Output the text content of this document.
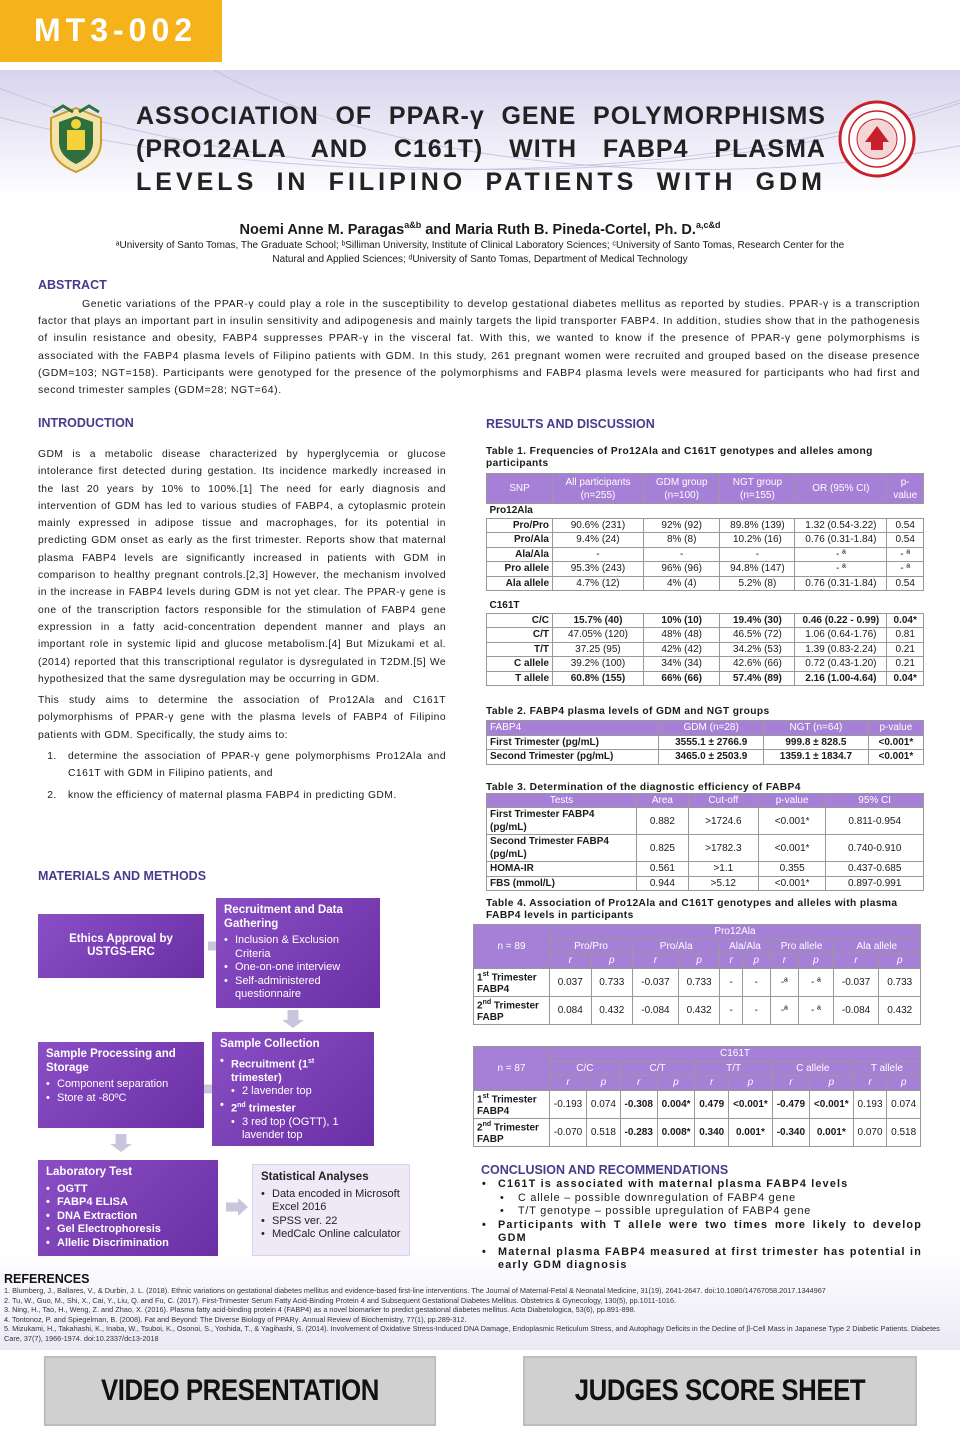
MT3-002
ASSOCIATION OF PPAR-γ GENE POLYMORPHISMS
(PRO12ALA AND C161T) WITH FABP4 PLASMA
LEVELS IN FILIPINO PATIENTS WITH GDM
Noemi Anne M. Paragas$^{a\&b}$ and Maria Ruth B. Pineda-Cortel, Ph. D.$^{a,c\&d}$
ᵃUniversity of Santo Tomas, The Graduate School; ᵇSilliman University, Institute of Clinical Laboratory Sciences; ᶜUniversity of Santo Tomas, Research Center for the Natural and Applied Sciences; ᵈUniversity of Santo Tomas, Department of Medical Technology
ABSTRACT
Genetic variations of the PPAR-γ could play a role in the susceptibility to develop gestational diabetes mellitus as reported by studies. PPAR-γ is a transcription factor that plays an important part in insulin sensitivity and adipogenesis and mainly targets the lipid transporter FABP4. In addition, studies show that in the pathogenesis of insulin resistance and obesity, FABP4 suppresses PPAR-γ in the visceral fat. With this, we wanted to know if the presence of PPAR-γ gene polymorphisms is associated with the FABP4 plasma levels of Filipino patients with GDM. In this study, 261 pregnant women were recruited and grouped based on the disease presence (GDM=103; NGT=158). Participants were genotyped for the presence of the polymorphisms and FABP4 plasma levels were measured for participants who had first and second trimester samples (GDM=28; NGT=64).
INTRODUCTION

GDM is a metabolic disease characterized by hyperglycemia or glucose intolerance first detected during gestation. Its incidence markedly increased in the last 20 years by 10% to 100%.[1] The need for early diagnosis and intervention of GDM has led to various studies of FABP4, a cytoplasmic protein mainly expressed in adipose tissue and macrophages, for its potential in predicting GDM onset as early as the first trimester. Reports show that maternal plasma FABP4 levels are significantly increased in patients with GDM in comparison to healthy pregnant controls.[2,3] However, the mechanism involved in the increase in FABP4 levels during GDM is not yet clear. The PPAR-γ gene is one of the transcription factors responsible for the stimulation of FABP4 gene expression in a fatty acid-concentration dependent manner and plays an important role in systemic lipid and glucose metabolism.[4] But Mizukami et al. (2014) reported that this transcriptional regulator is dysregulated in T2DM.[5] We hypothesized that the same dysregulation may be occurring in GDM.

This study aims to determine the association of Pro12Ala and C161T polymorphisms of PPAR-γ gene with the plasma levels of FABP4 of Filipino patients with GDM. Specifically, the study aims to:

1. determine the association of PPAR-γ gene polymorphisms Pro12Ala and C161T with GDM in Filipino patients, and
2. know the efficiency of maternal plasma FABP4 in predicting GDM.
MATERIALS AND METHODS
Ethics Approval by USTGS-ERC
Recruitment and Data Gathering
• Inclusion & Exclusion Criteria
• One-on-one interview
• Self-administered questionnaire
Sample Collection
• Recruitment (1st trimester)
• 2 lavender top
• 2nd trimester
• 3 red top (OGTT), 1 lavender top
Sample Processing and Storage
• Component separation
• Store at -80ºC
Laboratory Test
• OGTT
• FABP4 ELISA
• DNA Extraction
• Gel Electrophoresis
• Allelic Discrimination
Statistical Analyses
• Data encoded in Microsoft Excel 2016
• SPSS ver. 22
• MedCalc Online calculator
RESULTS AND DISCUSSION
Table 1. Frequencies of Pro12Ala and C161T genotypes and alleles among participants
SNP	All participants (n=255)	GDM group (n=100)	NGT group (n=155)	OR (95% CI)	p-value
Pro12Ala					
Pro/Pro	90.6% (231)	92% (92)	89.8% (139)	1.32 (0.54-3.22)	0.54
Pro/Ala	9.4% (24)	8% (8)	10.2% (16)	0.76 (0.31-1.84)	0.54
Ala/Ala	-	-	-	- ª	- ª
Pro allele	95.3% (243)	96% (96)	94.8% (147)	- ª	- ª
Ala allele	4.7% (12)	4% (4)	5.2% (8)	0.76 (0.31-1.84)	0.54

C161T					
C/C	15.7% (40)	10% (10)	19.4% (30)	0.46 (0.22 - 0.99)	0.04*
C/T	47.05% (120)	48% (48)	46.5% (72)	1.06 (0.64-1.76)	0.81
T/T	37.25 (95)	42% (42)	34.2% (53)	1.39 (0.83-2.24)	0.21
C allele	39.2% (100)	34% (34)	42.6% (66)	0.72 (0.43-1.20)	0.21
T allele	60.8% (155)	66% (66)	57.4% (89)	2.16 (1.00-4.64)	0.04*
Table 2. FABP4 plasma levels of GDM and NGT groups
FABP4	GDM (n=28)	NGT (n=64)	p-value
First Trimester (pg/mL)	3555.1 ± 2766.9	999.8 ± 828.5	<0.001*
Second Trimester (pg/mL)	3465.0 ± 2503.9	1359.1 ± 1834.7	<0.001*
Table 3. Determination of the diagnostic efficiency of FABP4
Tests	Area	Cut-off	p-value	95% CI
First Trimester FABP4 (pg/mL)	0.882	>1724.6	<0.001*	0.811-0.954
Second Trimester FABP4 (pg/mL)	0.825	>1782.3	<0.001*	0.740-0.910
HOMA-IR	0.561	>1.1	0.355	0.437-0.685
FBS (mmol/L)	0.944	>5.12	<0.001*	0.897-0.991
Table 4. Association of Pro12Ala and C161T genotypes and alleles with plasma FABP4 levels in participants
n = 89	Pro12Ala									
	Pro/Pro		Pro/Ala		Ala/Ala		Pro allele		Ala allele	
	r	p	r	p	r	p	r	p	r	p
1st Trimester FABP4	0.037	0.733	-0.037	0.733	-	-	-ª	- ª	-0.037	0.733
2nd Trimester FABP	0.084	0.432	-0.084	0.432	-	-	-ª	- ª	-0.084	0.432
n = 87	C161T									
	C/C		C/T		T/T		C allele		T allele	
	r	p	r	p	r	p	r	p	r	p
1st Trimester FABP4	-0.193	0.074	-0.308	0.004*	0.479	<0.001*	-0.479	<0.001*	0.193	0.074
2nd Trimester FABP	-0.070	0.518	-0.283	0.008*	0.340	0.001*	-0.340	0.001*	0.070	0.518
CONCLUSION AND RECOMMENDATIONS
• C161T is associated with maternal plasma FABP4 levels
• C allele – possible downregulation of FABP4 gene
• T/T genotype – possible upregulation of FABP4 gene
• Participants with T allele were two times more likely to develop GDM
• Maternal plasma FABP4 measured at first trimester has potential in early GDM diagnosis
REFERENCES
1. Blumberg, J., Ballares, V., & Durbin, J. L. (2018). Ethnic variations on gestational diabetes mellitus and evidence-based first-line interventions. The Journal of Maternal-Fetal & Neonatal Medicine, 31(19), 2641-2647. doi:10.1080/14767058.2017.1344967
2. Tu, W., Guo, M., Shi, X., Cai, Y., Liu, Q. and Fu, C. (2017). First-Trimester Serum Fatty Acid-Binding Protein 4 and Subsequent Gestational Diabetes Mellitus. Obstetrics & Gynecology, 130(5), pp.1011-1016.
3. Ning, H., Tao, H., Weng, Z. and Zhao, X. (2016). Plasma fatty acid-binding protein 4 (FABP4) as a novel biomarker to predict gestational diabetes mellitus. Acta Diabetologica, 53(6), pp.891-898.
4. Tontonoz, P. and Spiegelman, B. (2008). Fat and Beyond: The Diverse Biology of PPARγ. Annual Review of Biochemistry, 77(1), pp.289-312.
5. Mizukami, H., Takahashi, K., Inaba, W., Tsuboi, K., Osonoi, S., Yoshida, T., & Yagihashi, S. (2014). Involvement of Oxidative Stress-Induced DNA Damage, Endoplasmic Reticulum Stress, and Autophagy Deficits in the Decline of β-Cell Mass in Japanese Type 2 Diabetic Patients. Diabetes Care, 37(7), 1966-1974. doi:10.2337/dc13-2018
VIDEO PRESENTATION	JUDGES SCORE SHEET
